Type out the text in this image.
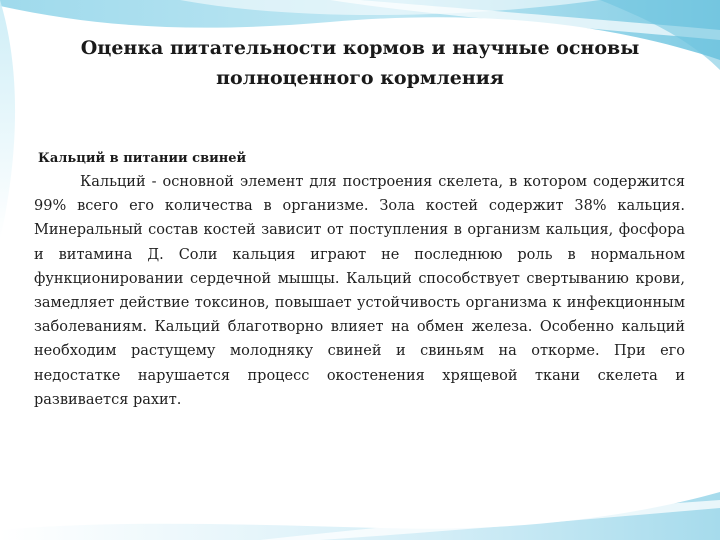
Оценка питательности кормов и научные основы
полноценного кормления

Кальций в питании свиней

Кальций - основной элемент для построения скелета, в котором содержится 99% всего его количества в организме. Зола костей содержит 38% кальция. Минеральный состав костей зависит от поступления в организм кальция, фосфора и витамина Д. Соли кальция играют не последнюю роль в нормальном функционировании сердечной мышцы. Кальций способствует свертыванию крови, замедляет действие токсинов, повышает устойчивость организма к инфекционным заболеваниям. Кальций благотворно влияет на обмен железа. Особенно кальций необходим растущему молодняку свиней и свиньям на откорме. При его недостатке нарушается процесс окостенения хрящевой ткани скелета и развивается рахит.
